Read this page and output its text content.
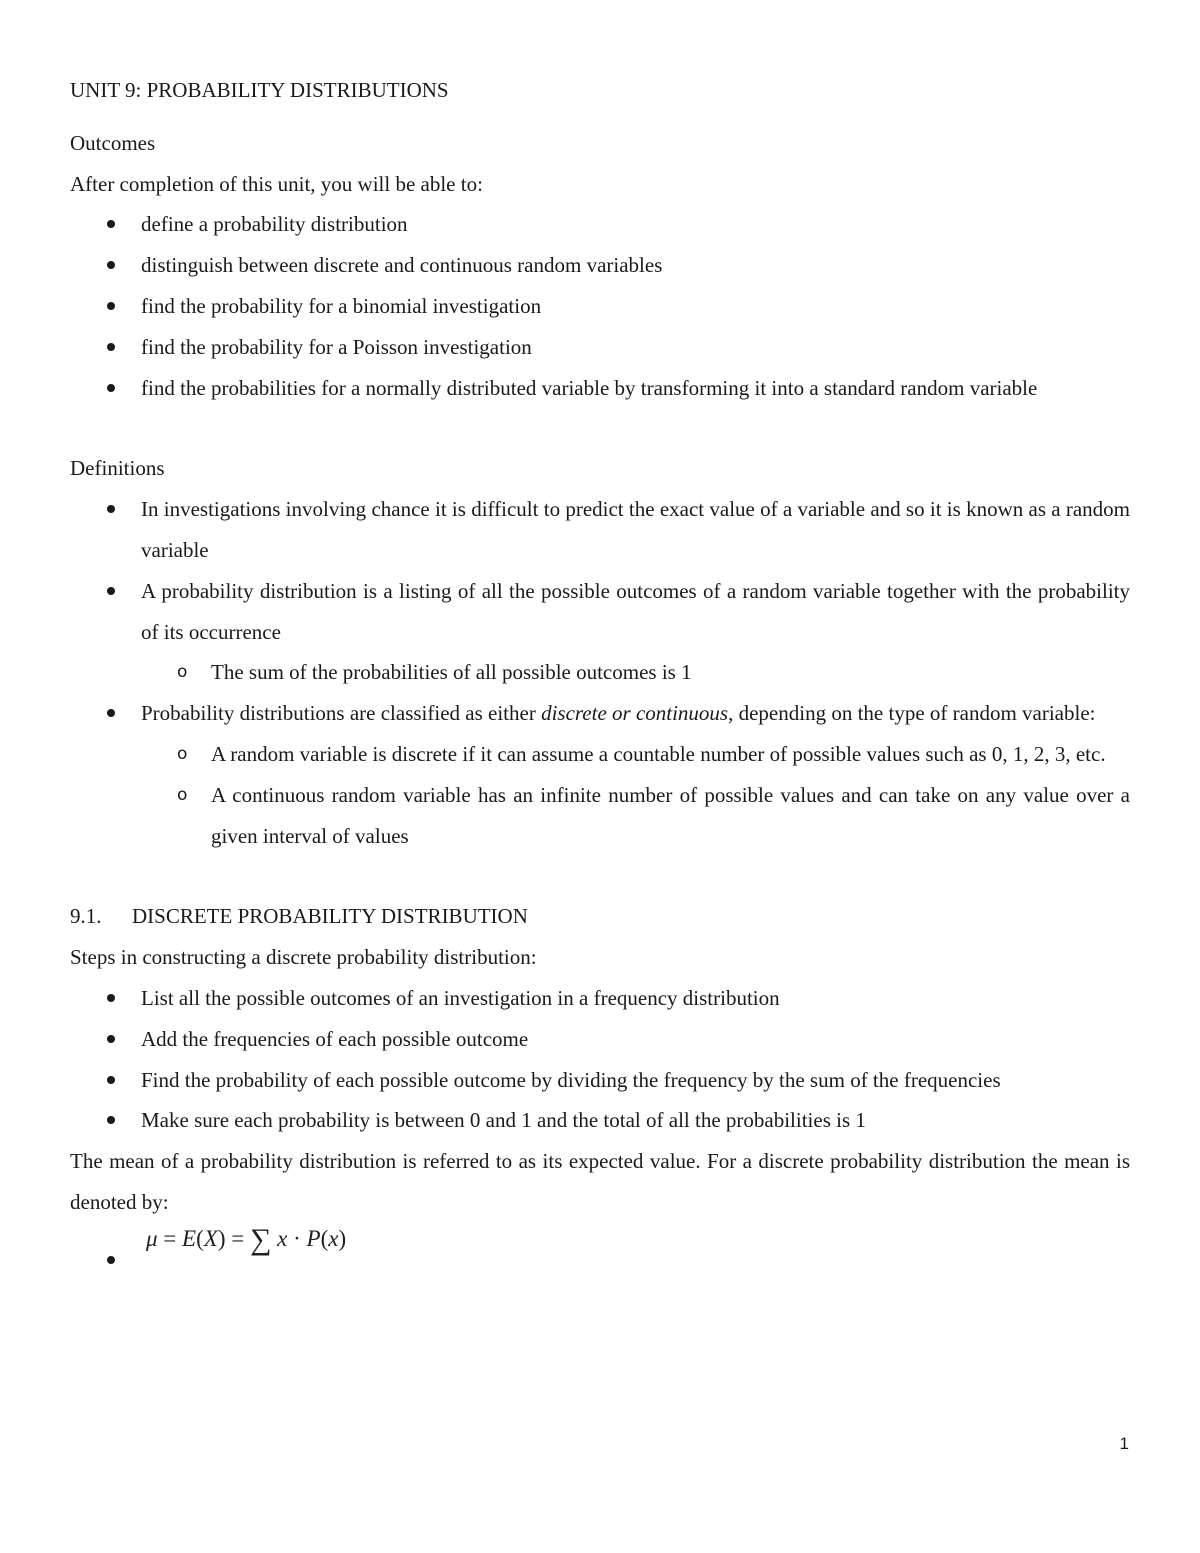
UNIT 9: PROBABILITY DISTRIBUTIONS
Outcomes
After completion of this unit, you will be able to:
define a probability distribution
distinguish between discrete and continuous random variables
find the probability for a binomial investigation
find the probability for a Poisson investigation
find the probabilities for a normally distributed variable by transforming it into a standard random variable
Definitions
In investigations involving chance it is difficult to predict the exact value of a variable and so it is known as a random variable
A probability distribution is a listing of all the possible outcomes of a random variable together with the probability of its occurrence
o The sum of the probabilities of all possible outcomes is 1
Probability distributions are classified as either discrete or continuous, depending on the type of random variable:
o A random variable is discrete if it can assume a countable number of possible values such as 0, 1, 2, 3, etc.
o A continuous random variable has an infinite number of possible values and can take on any value over a given interval of values
9.1. DISCRETE PROBABILITY DISTRIBUTION
Steps in constructing a discrete probability distribution:
List all the possible outcomes of an investigation in a frequency distribution
Add the frequencies of each possible outcome
Find the probability of each possible outcome by dividing the frequency by the sum of the frequencies
Make sure each probability is between 0 and 1 and the total of all the probabilities is 1
The mean of a probability distribution is referred to as its expected value. For a discrete probability distribution the mean is denoted by:
μ = E(X) = ∑ x · P(x)
1
